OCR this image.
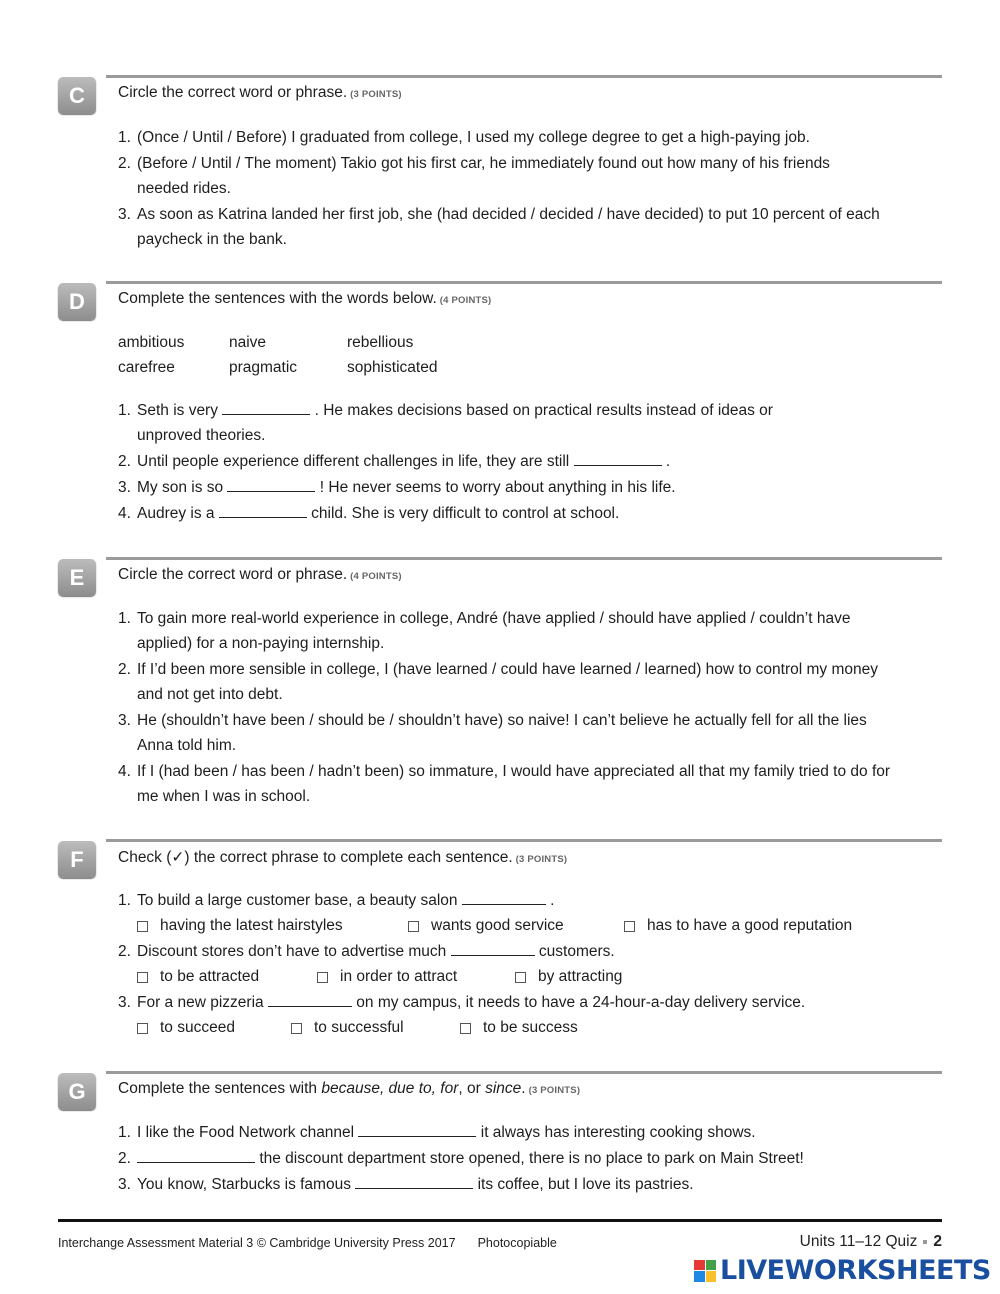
C	Circle the correct word or phrase. (3 POINTS)
1. (Once / Until / Before) I graduated from college, I used my college degree to get a high-paying job.
2. (Before / Until / The moment) Takio got his first car, he immediately found out how many of his friends
needed rides.
3. As soon as Katrina landed her first job, she (had decided / decided / have decided) to put 10 percent of each
paycheck in the bank.
D	Complete the sentences with the words below. (4 POINTS)
ambitious	naive	rebellious
carefree	pragmatic	sophisticated
1. Seth is very	. He makes decisions based on practical results instead of ideas or
unproved theories.
2. Until people experience different challenges in life, they are still	.
3. My son is so	! He never seems to worry about anything in his life.
4. Audrey is a	child. She is very difficult to control at school.
E	Circle the correct word or phrase. (4 POINTS)
1. To gain more real-world experience in college, André (have applied / should have applied / couldn’t have
applied) for a non-paying internship.
2. If I’d been more sensible in college, I (have learned / could have learned / learned) how to control my money
and not get into debt.
3. He (shouldn’t have been / should be / shouldn’t have) so naive! I can’t believe he actually fell for all the lies
Anna told him.
4. If I (had been / has been / hadn’t been) so immature, I would have appreciated all that my family tried to do for
me when I was in school.
F	Check (✓) the correct phrase to complete each sentence. (3 POINTS)
1. To build a large customer base, a beauty salon	.
having the latest hairstyles	wants good service	has to have a good reputation
2. Discount stores don’t have to advertise much	customers.
to be attracted	in order to attract	by attracting
3. For a new pizzeria	on my campus, it needs to have a 24-hour-a-day delivery service.
to succeed	to successful	to be success
G	Complete the sentences with because, due to, for, or since. (3 POINTS)
1. I like the Food Network channel	it always has interesting cooking shows.
2.	the discount department store opened, there is no place to park on Main Street!
3. You know, Starbucks is famous	its coffee, but I love its pastries.
Interchange Assessment Material 3 © Cambridge University Press 2017 Photocopiable	Units 11–12 Quiz 2
LIVEWORKSHEETS
